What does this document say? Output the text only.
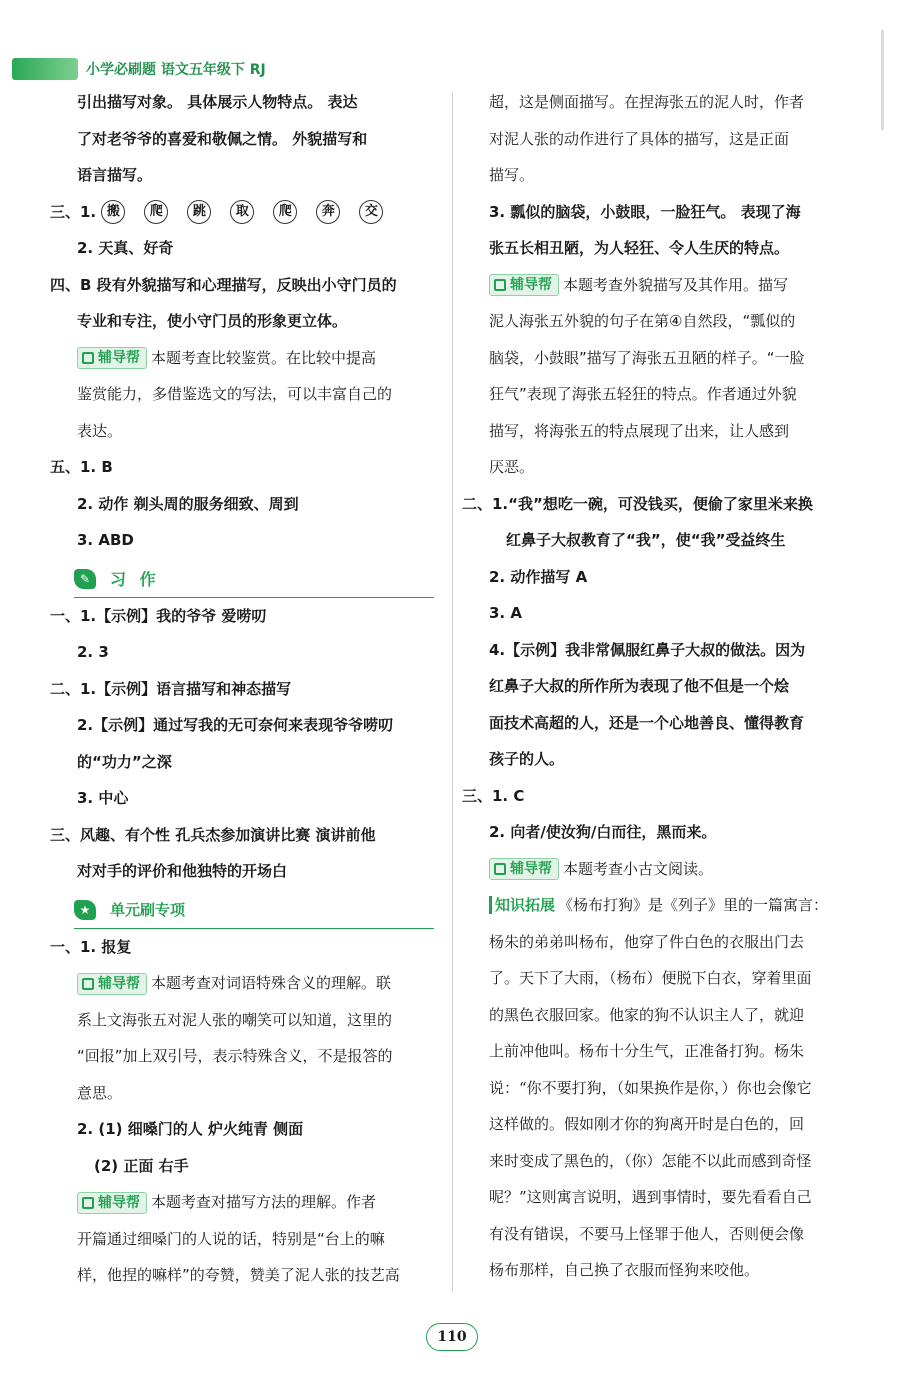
小学必刷题 语文五年级下 RJ
引出描写对象。 具体展示人物特点。 表达
了对老爷爷的喜爱和敬佩之情。 外貌描写和
语言描写。
三、1. 搬 爬 跳 取 爬 奔 交
2. 天真、好奇
四、B 段有外貌描写和心理描写，反映出小守门员的
专业和专注，使小守门员的形象更立体。
辅导帮 本题考查比较鉴赏。在比较中提高
鉴赏能力，多借鉴选文的写法，可以丰富自己的
表达。
五、1. B
2. 动作 剃头周的服务细致、周到
3. ABD
✎	习 作
一、1.【示例】我的爷爷 爱唠叨
2. 3
二、1.【示例】语言描写和神态描写
2.【示例】通过写我的无可奈何来表现爷爷唠叨
的“功力”之深
3. 中心
三、风趣、有个性 孔兵杰参加演讲比赛 演讲前他
对对手的评价和他独特的开场白
★	单元刷专项
一、1. 报复
辅导帮 本题考查对词语特殊含义的理解。联
系上文海张五对泥人张的嘲笑可以知道，这里的
“回报”加上双引号，表示特殊含义，不是报答的
意思。
2. (1) 细嗓门的人 炉火纯青 侧面
(2) 正面 右手
辅导帮 本题考查对描写方法的理解。作者
开篇通过细嗓门的人说的话，特别是“台上的嘛
样，他捏的嘛样”的夸赞，赞美了泥人张的技艺高
超，这是侧面描写。在捏海张五的泥人时，作者
对泥人张的动作进行了具体的描写，这是正面
描写。
3. 瓢似的脑袋，小鼓眼，一脸狂气。 表现了海
张五长相丑陋，为人轻狂、令人生厌的特点。
辅导帮 本题考查外貌描写及其作用。描写
泥人海张五外貌的句子在第④自然段，“瓢似的
脑袋，小鼓眼”描写了海张五丑陋的样子。“一脸
狂气”表现了海张五轻狂的特点。作者通过外貌
描写，将海张五的特点展现了出来，让人感到
厌恶。
二、1.“我”想吃一碗，可没钱买，便偷了家里米来换
红鼻子大叔教育了“我”，使“我”受益终生
2. 动作描写 A
3. A
4.【示例】我非常佩服红鼻子大叔的做法。因为
红鼻子大叔的所作所为表现了他不但是一个烩
面技术高超的人，还是一个心地善良、懂得教育
孩子的人。
三、1. C
2. 向者/使汝狗/白而往，黑而来。
辅导帮 本题考查小古文阅读。
知识拓展 《杨布打狗》是《列子》里的一篇寓言：
杨朱的弟弟叫杨布，他穿了件白色的衣服出门去
了。天下了大雨，（杨布）便脱下白衣，穿着里面
的黑色衣服回家。他家的狗不认识主人了，就迎
上前冲他叫。杨布十分生气，正准备打狗。杨朱
说：“你不要打狗，（如果换作是你，）你也会像它
这样做的。假如刚才你的狗离开时是白色的，回
来时变成了黑色的，（你）怎能不以此而感到奇怪
呢？”这则寓言说明，遇到事情时，要先看看自己
有没有错误，不要马上怪罪于他人，否则便会像
杨布那样，自己换了衣服而怪狗来咬他。
110
